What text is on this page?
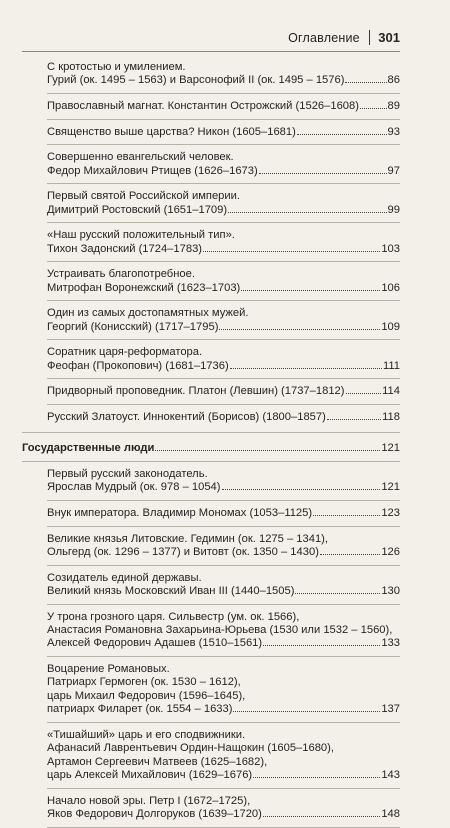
Оглавление 301
С кротостью и умилением.
Гурий (ок. 1495 – 1563) и Варсонофий II (ок. 1495 – 1576)	86
Православный магнат. Константин Острожский (1526–1608)	89
Священство выше царства? Никон (1605–1681)	93
Совершенно евангельский человек.
Федор Михайлович Ртищев (1626–1673)	97
Первый святой Российской империи.
Димитрий Ростовский (1651–1709)	99
«Наш русский положительный тип».
Тихон Задонский (1724–1783)	103
Устраивать благопотребное.
Митрофан Воронежский (1623–1703)	106
Один из самых достопамятных мужей.
Георгий (Конисский) (1717–1795)	109
Соратник царя-реформатора.
Феофан (Прокопович) (1681–1736)	111
Придворный проповедник. Платон (Левшин) (1737–1812)	114
Русский Златоуст. Иннокентий (Борисов) (1800–1857)	118
Государственные люди	121
Первый русский законодатель.
Ярослав Мудрый (ок. 978 – 1054)	121
Внук императора. Владимир Мономах (1053–1125)	123
Великие князья Литовские. Гедимин (ок. 1275 – 1341),
Ольгерд (ок. 1296 – 1377) и Витовт (ок. 1350 – 1430)	126
Созидатель единой державы.
Великий князь Московский Иван III (1440–1505)	130
У трона грозного царя. Сильвестр (ум. ок. 1566),
Анастасия Романовна Захарьина-Юрьева (1530 или 1532 – 1560),
Алексей Федорович Адашев (1510–1561)	133
Воцарение Романовых.
Патриарх Гермоген (ок. 1530 – 1612),
царь Михаил Федорович (1596–1645),
патриарх Филарет (ок. 1554 – 1633)	137
«Тишайший» царь и его сподвижники.
Афанасий Лаврентьевич Ордин-Нащокин (1605–1680),
Артамон Сергеевич Матвеев (1625–1682),
царь Алексей Михайлович (1629–1676)	143
Начало новой эры. Петр I (1672–1725),
Яков Федорович Долгоруков (1639–1720)	148
